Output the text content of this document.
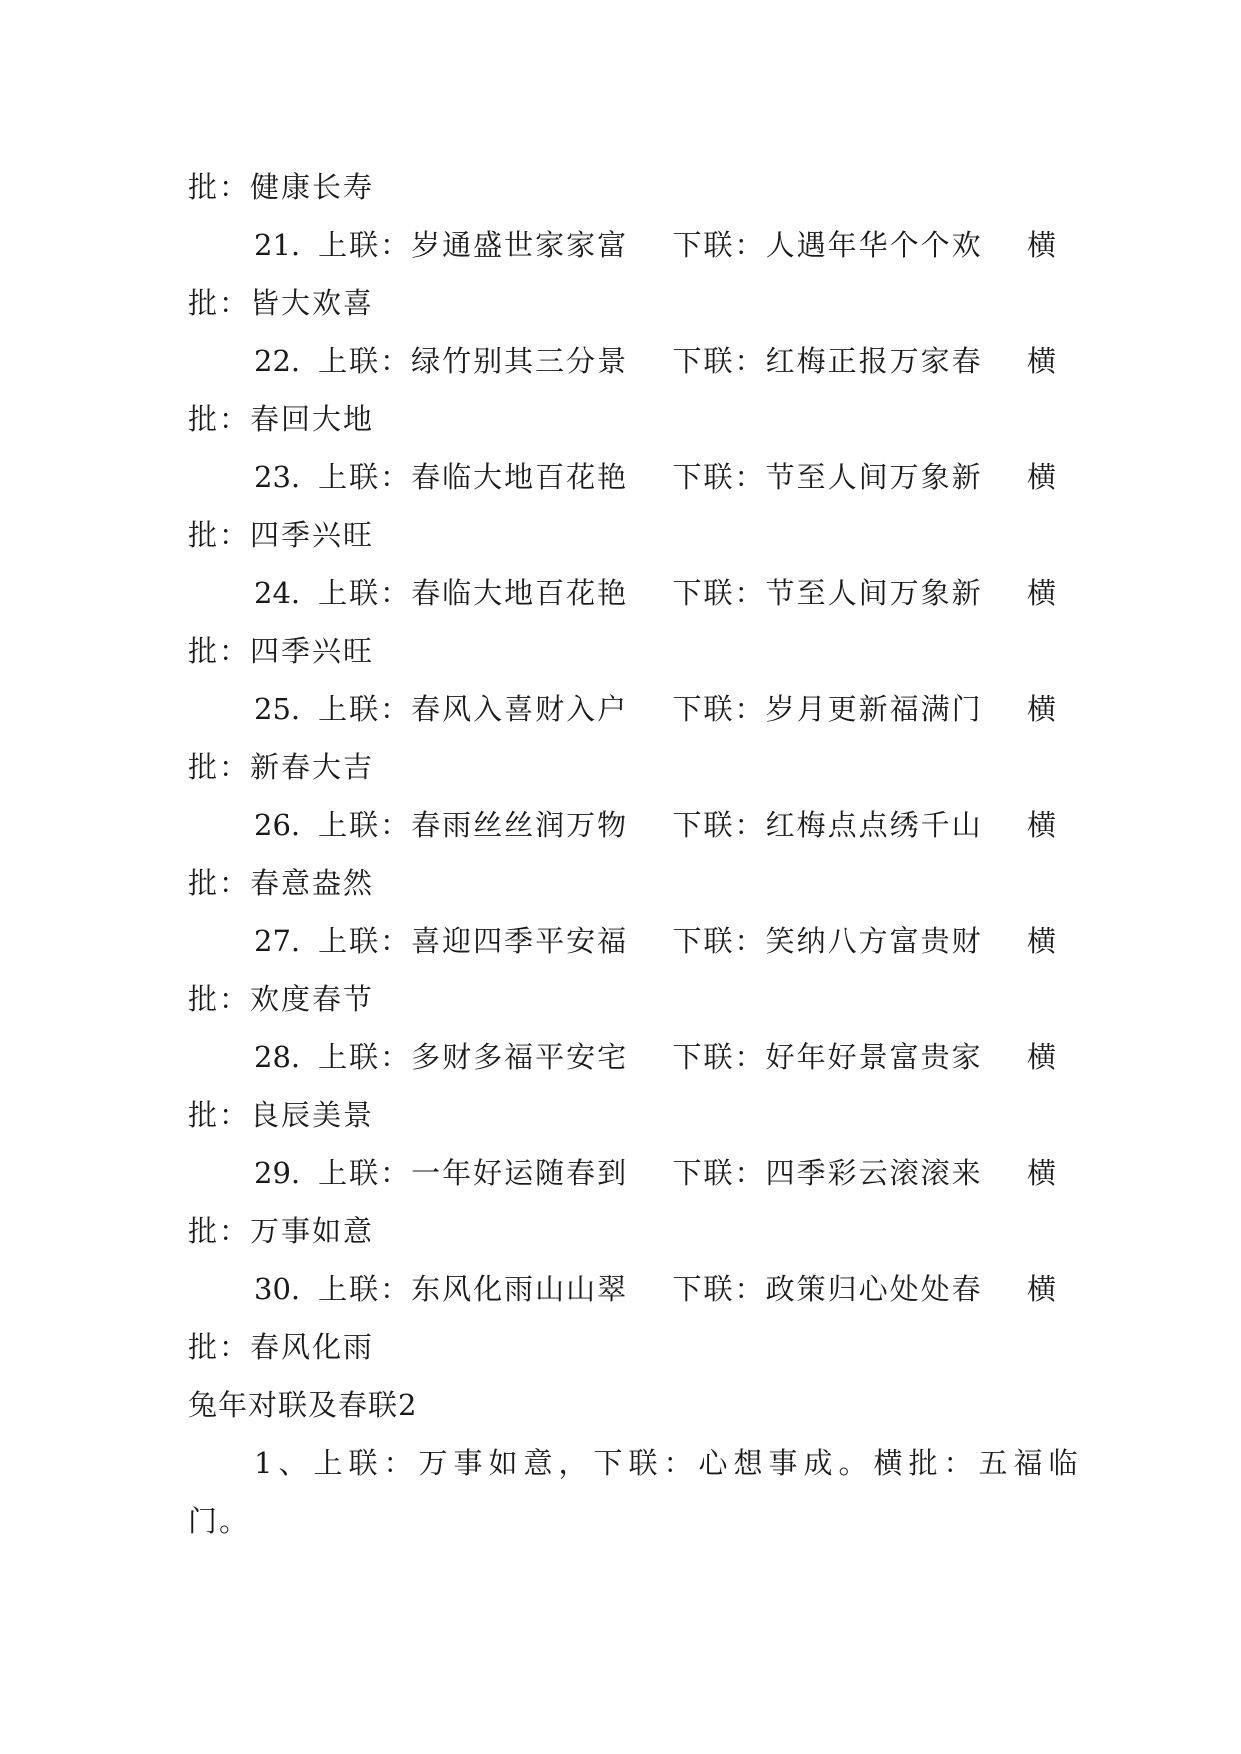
批：健康长寿
21. 上联：岁通盛世家家富 下联：人遇年华个个欢 横
批：皆大欢喜
22. 上联：绿竹别其三分景 下联：红梅正报万家春 横
批：春回大地
23. 上联：春临大地百花艳 下联：节至人间万象新 横
批：四季兴旺
24. 上联：春临大地百花艳 下联：节至人间万象新 横
批：四季兴旺
25. 上联：春风入喜财入户 下联：岁月更新福满门 横
批：新春大吉
26. 上联：春雨丝丝润万物 下联：红梅点点绣千山 横
批：春意盎然
27. 上联：喜迎四季平安福 下联：笑纳八方富贵财 横
批：欢度春节
28. 上联：多财多福平安宅 下联：好年好景富贵家 横
批：良辰美景
29. 上联：一年好运随春到 下联：四季彩云滚滚来 横
批：万事如意
30. 上联：东风化雨山山翠 下联：政策归心处处春 横
批：春风化雨
兔年对联及春联2
1、上联：万事如意，下联：心想事成。横批：五福临
门。
